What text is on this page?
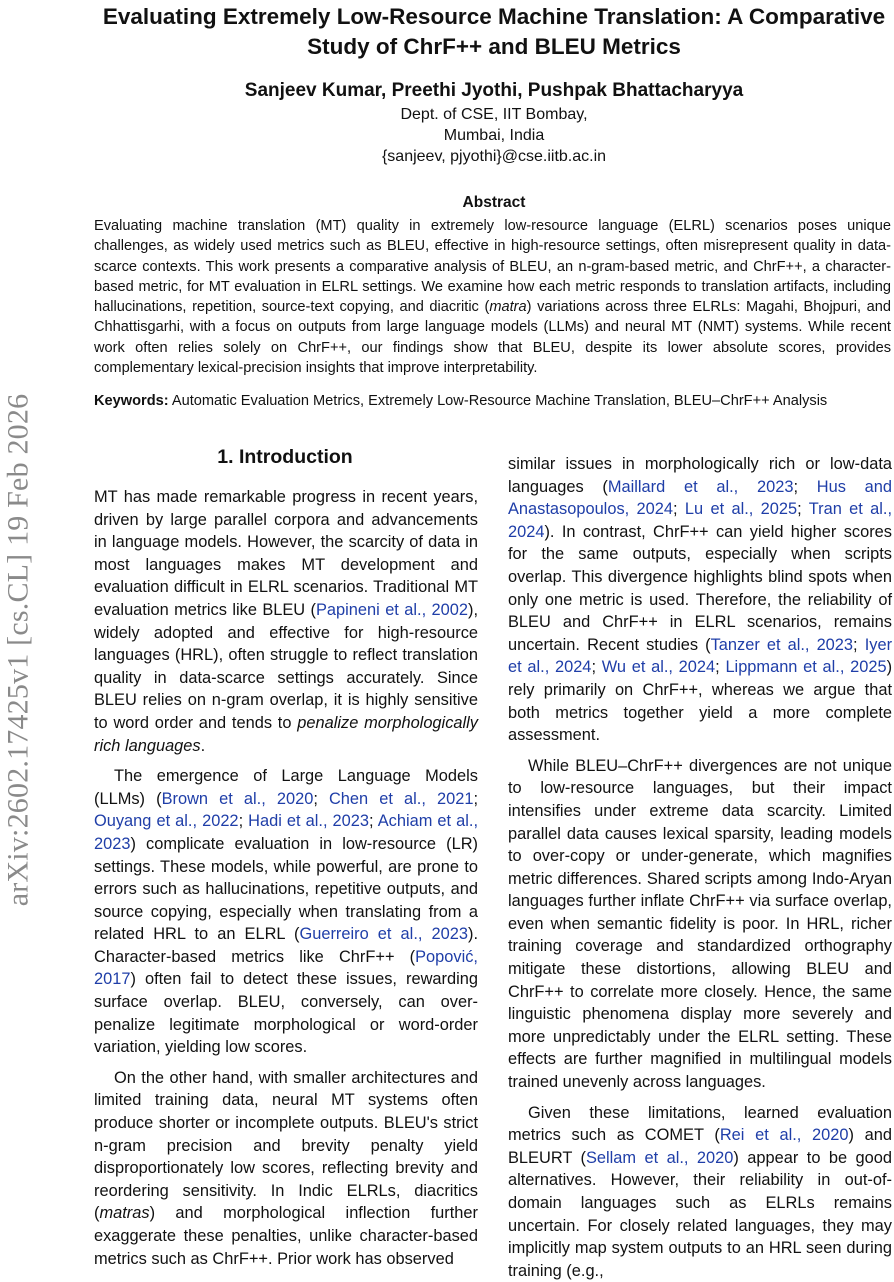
arXiv:2602.17425v1 [cs.CL] 19 Feb 2026
Evaluating Extremely Low-Resource Machine Translation: A Comparative Study of ChrF++ and BLEU Metrics
Sanjeev Kumar, Preethi Jyothi, Pushpak Bhattacharyya
Dept. of CSE, IIT Bombay,
Mumbai, India
{sanjeev, pjyothi}@cse.iitb.ac.in
Abstract

Evaluating machine translation (MT) quality in extremely low-resource language (ELRL) scenarios poses unique challenges, as widely used metrics such as BLEU, effective in high-resource settings, often misrepresent quality in data-scarce contexts. This work presents a comparative analysis of BLEU, an n-gram-based metric, and ChrF++, a character-based metric, for MT evaluation in ELRL settings. We examine how each metric responds to translation artifacts, including hallucinations, repetition, source-text copying, and diacritic (matra) variations across three ELRLs: Magahi, Bhojpuri, and Chhattisgarhi, with a focus on outputs from large language models (LLMs) and neural MT (NMT) systems. While recent work often relies solely on ChrF++, our findings show that BLEU, despite its lower absolute scores, provides complementary lexical-precision insights that improve interpretability.

Keywords: Automatic Evaluation Metrics, Extremely Low-Resource Machine Translation, BLEU–ChrF++ Analysis

1. Introduction

MT has made remarkable progress in recent years, driven by large parallel corpora and advancements in language models. However, the scarcity of data in most languages makes MT development and evaluation difficult in ELRL scenarios. Traditional MT evaluation metrics like BLEU (Papineni et al., 2002), widely adopted and effective for high-resource languages (HRL), often struggle to reflect translation quality in data-scarce settings accurately. Since BLEU relies on n-gram overlap, it is highly sensitive to word order and tends to penalize morphologically rich languages.

The emergence of Large Language Models (LLMs) (Brown et al., 2020; Chen et al., 2021; Ouyang et al., 2022; Hadi et al., 2023; Achiam et al., 2023) complicate evaluation in low-resource (LR) settings. These models, while powerful, are prone to errors such as hallucinations, repetitive outputs, and source copying, especially when translating from a related HRL to an ELRL (Guerreiro et al., 2023). Character-based metrics like ChrF++ (Popović, 2017) often fail to detect these issues, rewarding surface overlap. BLEU, conversely, can over-penalize legitimate morphological or word-order variation, yielding low scores.

On the other hand, with smaller architectures and limited training data, neural MT systems often produce shorter or incomplete outputs. BLEU's strict n-gram precision and brevity penalty yield disproportionately low scores, reflecting brevity and reordering sensitivity. In Indic ELRLs, diacritics (matras) and morphological inflection further exaggerate these penalties, unlike character-based metrics such as ChrF++. Prior work has observed

similar issues in morphologically rich or low-data languages (Maillard et al., 2023; Hus and Anastasopoulos, 2024; Lu et al., 2025; Tran et al., 2024). In contrast, ChrF++ can yield higher scores for the same outputs, especially when scripts overlap. This divergence highlights blind spots when only one metric is used. Therefore, the reliability of BLEU and ChrF++ in ELRL scenarios, remains uncertain. Recent studies (Tanzer et al., 2023; Iyer et al., 2024; Wu et al., 2024; Lippmann et al., 2025) rely primarily on ChrF++, whereas we argue that both metrics together yield a more complete assessment.

While BLEU–ChrF++ divergences are not unique to low-resource languages, but their impact intensifies under extreme data scarcity. Limited parallel data causes lexical sparsity, leading models to over-copy or under-generate, which magnifies metric differences. Shared scripts among Indo-Aryan languages further inflate ChrF++ via surface overlap, even when semantic fidelity is poor. In HRL, richer training coverage and standardized orthography mitigate these distortions, allowing BLEU and ChrF++ to correlate more closely. Hence, the same linguistic phenomena display more severely and more unpredictably under the ELRL setting. These effects are further magnified in multilingual models trained unevenly across languages.

Given these limitations, learned evaluation metrics such as COMET (Rei et al., 2020) and BLEURT (Sellam et al., 2020) appear to be good alternatives. However, their reliability in out-of-domain languages such as ELRLs remains uncertain. For closely related languages, they may implicitly map system outputs to an HRL seen during training (e.g.,
